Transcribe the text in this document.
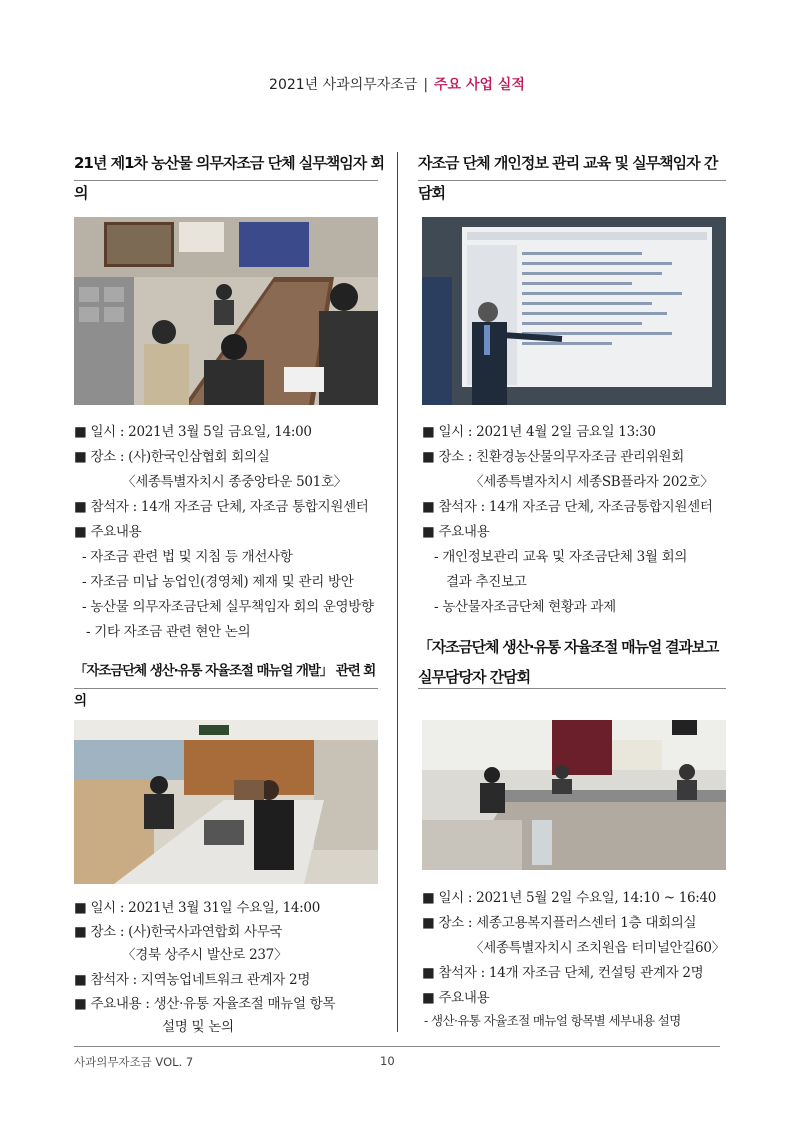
2021년 사과의무자조금 | 주요 사업 실적
21년 제1차 농산물 의무자조금 단체 실무책임자 회의
■ 일시 : 2021년 3월 5일 금요일, 14:00
■ 장소 : (사)한국인삼협회 회의실
〈세종특별자치시 종중앙타운 501호〉
■ 참석자 : 14개 자조금 단체, 자조금 통합지원센터
■ 주요내용
- 자조금 관련 법 및 지침 등 개선사항
- 자조금 미납 농업인(경영체) 제재 및 관리 방안
- 농산물 의무자조금단체 실무책임자 회의 운영방향
- 기타 자조금 관련 현안 논의
자조금 단체 개인정보 관리 교육 및 실무책임자 간담회
■ 일시 : 2021년 4월 2일 금요일 13:30
■ 장소 : 친환경농산물의무자조금 관리위원회
〈세종특별자치시 세종SB플라자 202호〉
■ 참석자 : 14개 자조금 단체, 자조금통합지원센터
■ 주요내용
- 개인정보관리 교육 및 자조금단체 3월 회의
결과 추진보고
- 농산물자조금단체 현황과 과제
「자조금단체 생산·유통 자율조절 매뉴얼 개발」 관련 회의
■ 일시 : 2021년 3월 31일 수요일, 14:00
■ 장소 : (사)한국사과연합회 사무국
〈경북 상주시 발산로 237〉
■ 참석자 : 지역농업네트워크 관계자 2명
■ 주요내용 : 생산·유통 자율조절 매뉴얼 항목
설명 및 논의
「자조금단체 생산·유통 자율조절 매뉴얼 결과보고
실무담당자 간담회
■ 일시 : 2021년 5월 2일 수요일, 14:10 ~ 16:40
■ 장소 : 세종고용복지플러스센터 1층 대회의실
〈세종특별자치시 조치원읍 터미널안길60〉
■ 참석자 : 14개 자조금 단체, 컨설팅 관계자 2명
■ 주요내용
- 생산·유통 자율조절 매뉴얼 항목별 세부내용 설명
사과의무자조금 VOL. 7	10
